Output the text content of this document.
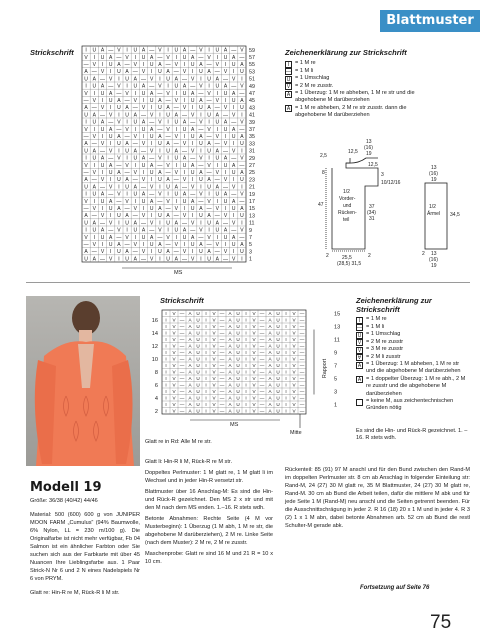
Blattmuster
Strickschrift I U A — V I U A — V I U A — V I U A — V 59
V I U A — V I U A — V I U A — V I U A — 57
— V I U A — V I U A — V I U A — V I U A 55
A — V I U A — V I U A — V I U A — V I U 53
U A — V I U A — V I U A — V I U A — V I 51
I U A — V I U A — V I U A — V I U A — V 49
V I U A — V I U A — V I U A — V I U A — 47
— V I U A — V I U A — V I U A — V I U A 45
A — V I U A — V I U A — V I U A — V I U 43
U A — V I U A — V I U A — V I U A — V I 41
I U A — V I U A — V I U A — V I U A — V 39
V I U A — V I U A — V I U A — V I U A — 37
— V I U A — V I U A — V I U A — V I U A 35
A — V I U A — V I U A — V I U A — V I U 33
U A — V I U A — V I U A — V I U A — V I 31
I U A — V I U A — V I U A — V I U A — V 29
V I U A — V I U A — V I U A — V I U A — 27
— V I U A — V I U A — V I U A — V I U A 25
A — V I U A — V I U A — V I U A — V I U 23
U A — V I U A — V I U A — V I U A — V I 21
I U A — V I U A — V I U A — V I U A — V 19
V I U A — V I U A — V I U A — V I U A — 17
— V I U A — V I U A — V I U A — V I U A 15
A — V I U A — V I U A — V I U A — V I U 13
U A — V I U A — V I U A — V I U A — V I 11
I U A — V I U A — V I U A — V I U A — V 9
V I U A — V I U A — V I U A — V I U A — 7
— V I U A — V I U A — V I U A — V I U A 5
A — V I U A — V I U A — V I U A — V I U 3
U A — V I U A — V I U A — V I U A — V I 1
MS
Zeichenerklärung zur Strickschrift
I	= 1 M re
— = 1 M li
U = 1 Umschlag
V = 2 M re zusstr.
A = 1 Überzug: 1 M re abheben, 1 M re str und die abgehobene M darüberziehen
A = 1 M re abheben, 2 M re str zusstr. dann die abgehobene M darüberziehen
2,5
8
47
2
12,5
13
(16)
19
12,5
3
10/12/16
1/2
Vorder-
und
Rücken-
teil
37
(34)
31
25,5
(28,5) 31,5
2
13
(16)
19
1/2
Ärmel 34,5
2 13
(16)
19
Strickschrift
I V — A U I V — A U I V — A U I V —
I V — A U I V — A U I V — A U I V —
I V — A U I V — A U I V — A U I V —
I V — A U I V — A U I V — A U I V —
I V — A U I V — A U I V — A U I V —
I V — A U I V — A U I V — A U I V —
I V — A U I V — A U I V — A U I V —
I V — A U I V — A U I V — A U I V —
I V — A U I V — A U I V — A U I V —
I V — A U I V — A U I V — A U I V —
I V — A U I V — A U I V — A U I V —
I V — A U I V — A U I V — A U I V —
I V — A U I V — A U I V — A U I V —
I V — A U I V — A U I V — A U I V —
I V — A U I V — A U I V — A U I V —
I V — A U I V — A U I V — A U I V —
16
14
12
10
8
6
4
2
15
13
11
9
7
5
3
1
Rapport
MS
Mitte
Zeichenerklärung zur Strickschrift
I	= 1 M re
— = 1 M li
U = 1 Umschlag
V = 2 M re zusstr
V = 3 M re zusstr
∀ = 2 M li zusstr
A = 1 Überzug: 1 M abheben, 1 M re str und die abgehobene M darüberziehen
A = 1 doppelter Überzug: 1 M re abh., 2 M re zusstr und die abgehobene M darüberziehen
= keine M, aus zeichentechnischen Gründen nötig
Es sind die Hin- und Rück-R gezeichnet. 1. – 16. R stets wdh.
Modell 19

Größe: 36/38 (40/42) 44/46

Material: 500 (600) 600 g von JUNIPER MOON FARM „Cumulus“ (94% Baumwolle, 6% Nylon, LL = 230 m/100 g). Die Originalfarbe ist nicht mehr verfügbar, Fb 04 Salmon ist ein ähnlicher Farbton oder Sie suchen sich aus der Farbkarte mit über 45 Nuancen Ihre Lieblingsfarbe aus. 1 Paar Strick-N Nr 6 und 2 N eines Nadelspiels Nr 6 von PRYM.

Glatt re: Hin-R re M, Rück-R li M str.

Glatt re in Rd: Alle M re str.

Glatt li: Hin-R li M, Rück-R re M str.

Doppeltes Perlmuster: 1 M glatt re, 1 M glatt li im Wechsel und in jeder Hin-R versetzt str.

Blattmuster über 16 Anschlag-M: Es sind die Hin- und Rück-R gezeichnet. Den MS 2 x str und mit den M nach dem MS enden. 1.–16. R stets wdh.

Betonte Abnahmen: Rechte Seite (4 M vor Musterbeginn): 1 Überzug (1 M abh, 1 M re str, die abgehobene M darüberziehen), 2 M re. Linke Seite (nach dem Muster): 2 M re, 2 M re zusstr.

Maschenprobe: Glatt re sind 16 M und 21 R = 10 x 10 cm.

Rückenteil: 85 (91) 97 M anschl und für den Bund zwischen den Rand-M im doppelten Perlmuster str. 8 cm ab Anschlag in folgender Einteilung str: Rand-M, 24 (27) 30 M glatt re, 35 M Blattmuster, 24 (27) 30 M glatt re, Rand-M. 30 cm ab Bund die Arbeit teilen, dafür die mittlere M abk und für jede Seite 1 M (Rand-M) neu anschl und die Seiten getrennt beenden. Für die Ausschnittschrägung in jeder 2. R 16 (18) 20 x 1 M und in jeder 4. R 3 (2) 1 x 1 M abn, dabei betonte Abnahmen arb. 52 cm ab Bund die restl Schulter-M gerade abk.

Fortsetzung auf Seite 76
75
